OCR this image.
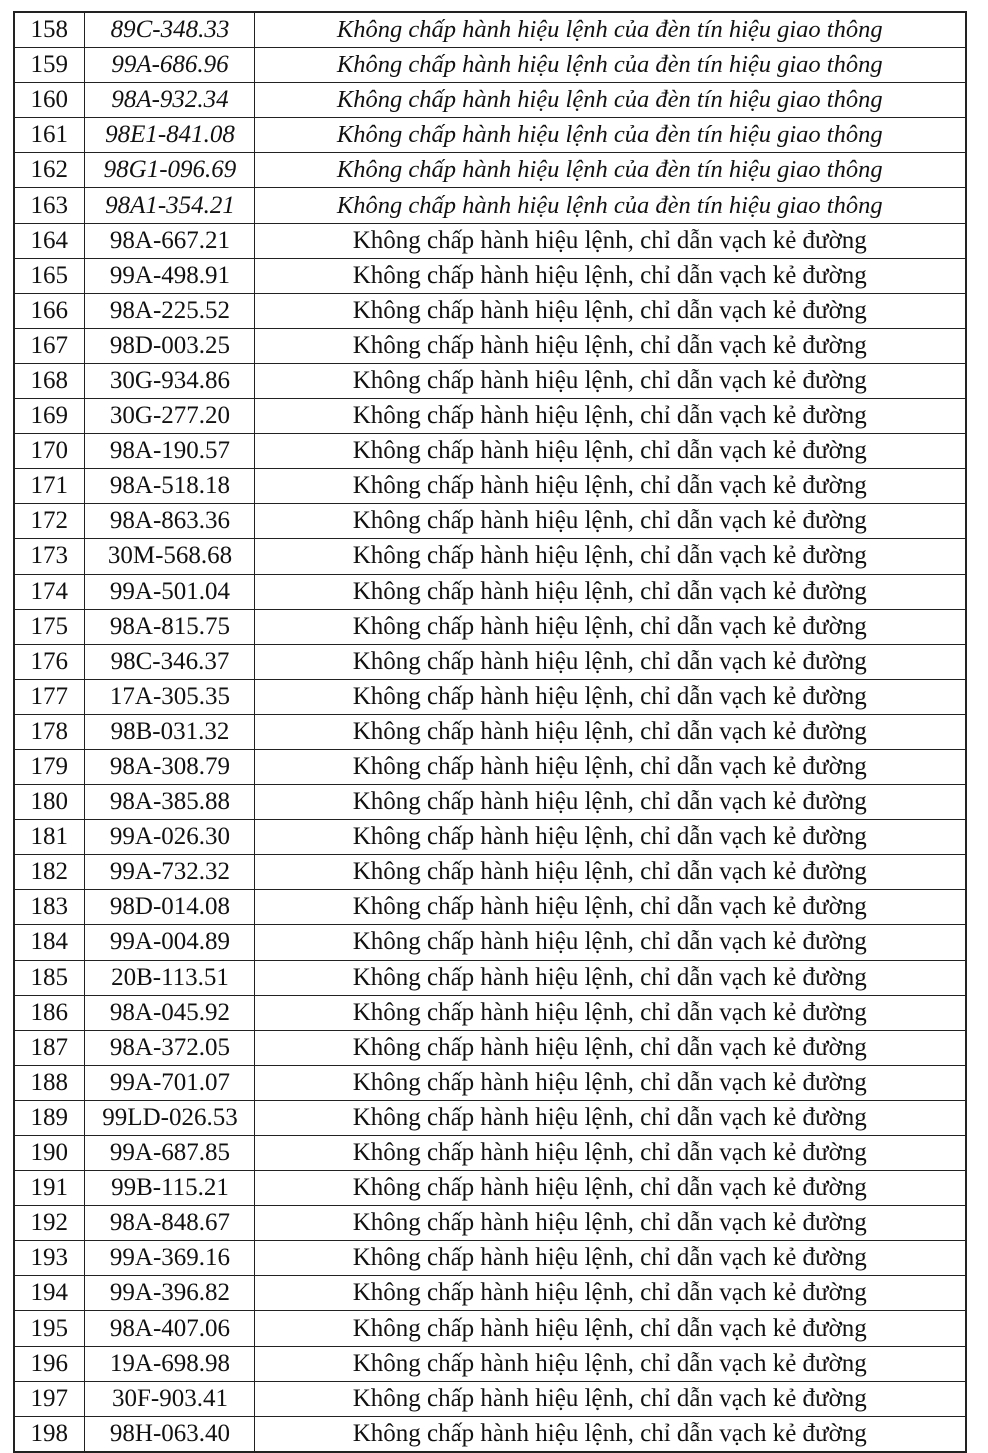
158	89C-348.33	Không chấp hành hiệu lệnh của đèn tín hiệu giao thông
159	99A-686.96	Không chấp hành hiệu lệnh của đèn tín hiệu giao thông
160	98A-932.34	Không chấp hành hiệu lệnh của đèn tín hiệu giao thông
161	98E1-841.08	Không chấp hành hiệu lệnh của đèn tín hiệu giao thông
162	98G1-096.69	Không chấp hành hiệu lệnh của đèn tín hiệu giao thông
163	98A1-354.21	Không chấp hành hiệu lệnh của đèn tín hiệu giao thông
164	98A-667.21	Không chấp hành hiệu lệnh, chỉ dẫn vạch kẻ đường
165	99A-498.91	Không chấp hành hiệu lệnh, chỉ dẫn vạch kẻ đường
166	98A-225.52	Không chấp hành hiệu lệnh, chỉ dẫn vạch kẻ đường
167	98D-003.25	Không chấp hành hiệu lệnh, chỉ dẫn vạch kẻ đường
168	30G-934.86	Không chấp hành hiệu lệnh, chỉ dẫn vạch kẻ đường
169	30G-277.20	Không chấp hành hiệu lệnh, chỉ dẫn vạch kẻ đường
170	98A-190.57	Không chấp hành hiệu lệnh, chỉ dẫn vạch kẻ đường
171	98A-518.18	Không chấp hành hiệu lệnh, chỉ dẫn vạch kẻ đường
172	98A-863.36	Không chấp hành hiệu lệnh, chỉ dẫn vạch kẻ đường
173	30M-568.68	Không chấp hành hiệu lệnh, chỉ dẫn vạch kẻ đường
174	99A-501.04	Không chấp hành hiệu lệnh, chỉ dẫn vạch kẻ đường
175	98A-815.75	Không chấp hành hiệu lệnh, chỉ dẫn vạch kẻ đường
176	98C-346.37	Không chấp hành hiệu lệnh, chỉ dẫn vạch kẻ đường
177	17A-305.35	Không chấp hành hiệu lệnh, chỉ dẫn vạch kẻ đường
178	98B-031.32	Không chấp hành hiệu lệnh, chỉ dẫn vạch kẻ đường
179	98A-308.79	Không chấp hành hiệu lệnh, chỉ dẫn vạch kẻ đường
180	98A-385.88	Không chấp hành hiệu lệnh, chỉ dẫn vạch kẻ đường
181	99A-026.30	Không chấp hành hiệu lệnh, chỉ dẫn vạch kẻ đường
182	99A-732.32	Không chấp hành hiệu lệnh, chỉ dẫn vạch kẻ đường
183	98D-014.08	Không chấp hành hiệu lệnh, chỉ dẫn vạch kẻ đường
184	99A-004.89	Không chấp hành hiệu lệnh, chỉ dẫn vạch kẻ đường
185	20B-113.51	Không chấp hành hiệu lệnh, chỉ dẫn vạch kẻ đường
186	98A-045.92	Không chấp hành hiệu lệnh, chỉ dẫn vạch kẻ đường
187	98A-372.05	Không chấp hành hiệu lệnh, chỉ dẫn vạch kẻ đường
188	99A-701.07	Không chấp hành hiệu lệnh, chỉ dẫn vạch kẻ đường
189	99LD-026.53	Không chấp hành hiệu lệnh, chỉ dẫn vạch kẻ đường
190	99A-687.85	Không chấp hành hiệu lệnh, chỉ dẫn vạch kẻ đường
191	99B-115.21	Không chấp hành hiệu lệnh, chỉ dẫn vạch kẻ đường
192	98A-848.67	Không chấp hành hiệu lệnh, chỉ dẫn vạch kẻ đường
193	99A-369.16	Không chấp hành hiệu lệnh, chỉ dẫn vạch kẻ đường
194	99A-396.82	Không chấp hành hiệu lệnh, chỉ dẫn vạch kẻ đường
195	98A-407.06	Không chấp hành hiệu lệnh, chỉ dẫn vạch kẻ đường
196	19A-698.98	Không chấp hành hiệu lệnh, chỉ dẫn vạch kẻ đường
197	30F-903.41	Không chấp hành hiệu lệnh, chỉ dẫn vạch kẻ đường
198	98H-063.40	Không chấp hành hiệu lệnh, chỉ dẫn vạch kẻ đường
